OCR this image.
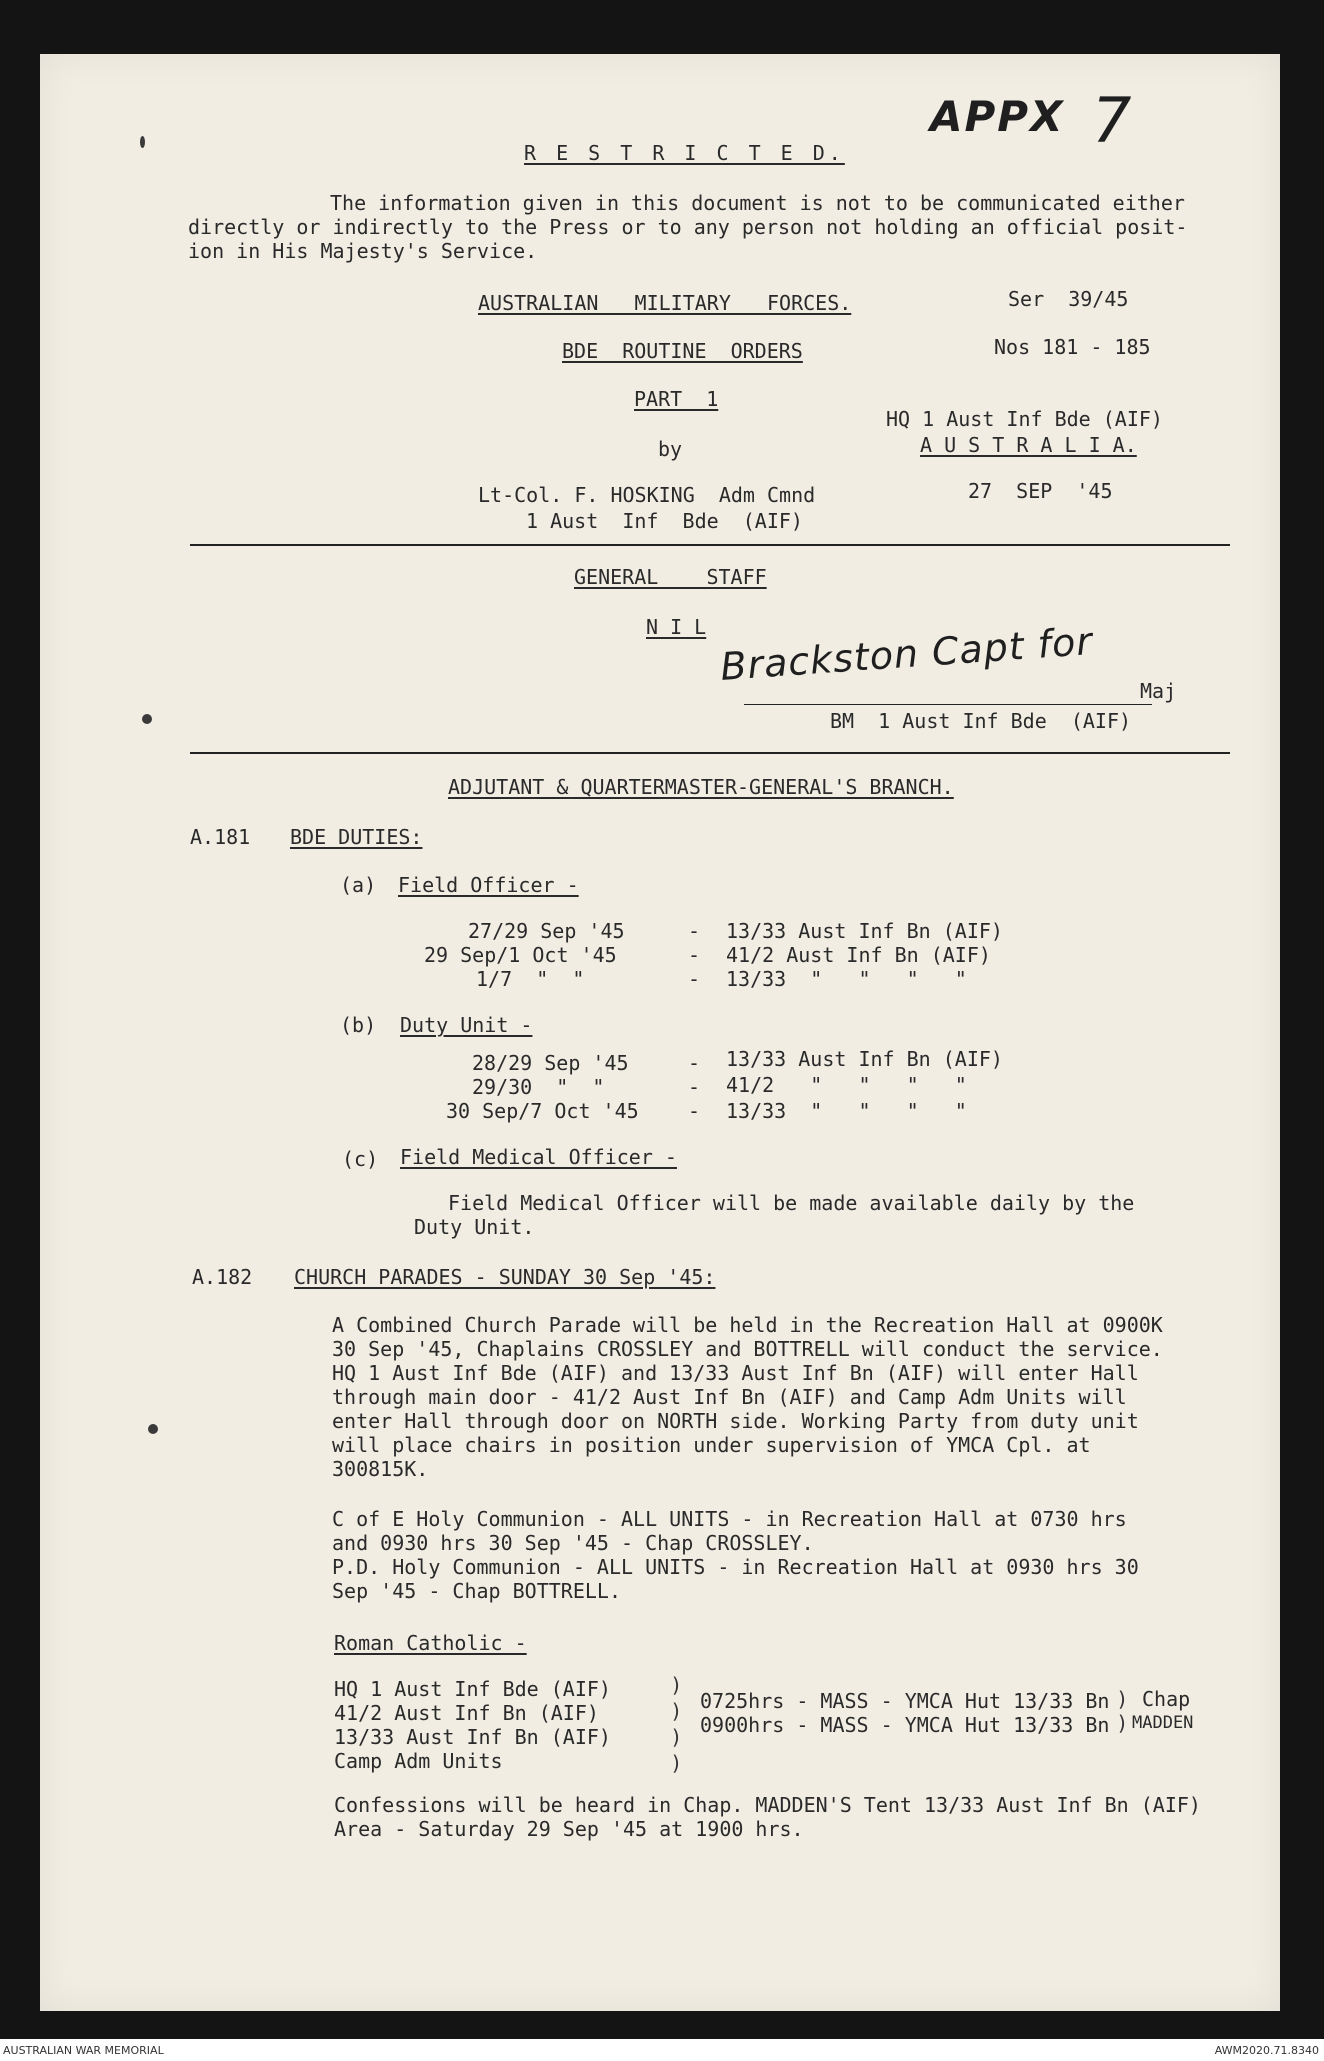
APPX 7
R E S T R I C T E D.
The information given in this document is not to be communicated either
directly or indirectly to the Press or to any person not holding an official posit-
ion in His Majesty's Service.
AUSTRALIAN   MILITARY   FORCES.	Ser  39/45
BDE  ROUTINE  ORDERS	Nos 181 - 185
PART  1
HQ 1 Aust Inf Bde (AIF)
A U S T R A L I A.
by
Lt-Col. F. HOSKING  Adm Cmnd	27  SEP  '45
1 Aust  Inf  Bde  (AIF)
GENERAL    STAFF
N I L Brackston Capt for
Maj
BM  1 Aust Inf Bde  (AIF)
ADJUTANT & QUARTERMASTER-GENERAL'S BRANCH.
A.181 BDE DUTIES:
(a) Field Officer -
27/29 Sep '45	- 13/33 Aust Inf Bn (AIF)
29 Sep/1 Oct '45	- 41/2 Aust Inf Bn (AIF)
1/7  "  "	- 13/33  "   "   "   "
(b) Duty Unit -
28/29 Sep '45	- 13/33 Aust Inf Bn (AIF)
29/30  "  "	- 41/2   "   "   "   "
30 Sep/7 Oct '45 - 13/33  "   "   "   "
(c) Field Medical Officer -
Field Medical Officer will be made available daily by the
Duty Unit.
A.182 CHURCH PARADES - SUNDAY 30 Sep '45:
A Combined Church Parade will be held in the Recreation Hall at 0900K
30 Sep '45, Chaplains CROSSLEY and BOTTRELL will conduct the service.
HQ 1 Aust Inf Bde (AIF) and 13/33 Aust Inf Bn (AIF) will enter Hall
through main door - 41/2 Aust Inf Bn (AIF) and Camp Adm Units will
enter Hall through door on NORTH side. Working Party from duty unit
will place chairs in position under supervision of YMCA Cpl. at
300815K.
C of E Holy Communion - ALL UNITS - in Recreation Hall at 0730 hrs
and 0930 hrs 30 Sep '45 - Chap CROSSLEY.
P.D. Holy Communion - ALL UNITS - in Recreation Hall at 0930 hrs 30
Sep '45 - Chap BOTTRELL.
Roman Catholic -
HQ 1 Aust Inf Bde (AIF)
41/2 Aust Inf Bn (AIF)
13/33 Aust Inf Bn (AIF)
Camp Adm Units
)
)
)
)
0725hrs - MASS - YMCA Hut 13/33 Bn
0900hrs - MASS - YMCA Hut 13/33 Bn
)
)
Chap
MADDEN
Confessions will be heard in Chap. MADDEN'S Tent 13/33 Aust Inf Bn (AIF)
Area - Saturday 29 Sep '45 at 1900 hrs.
AUSTRALIAN WAR MEMORIAL	AWM2020.71.8340
